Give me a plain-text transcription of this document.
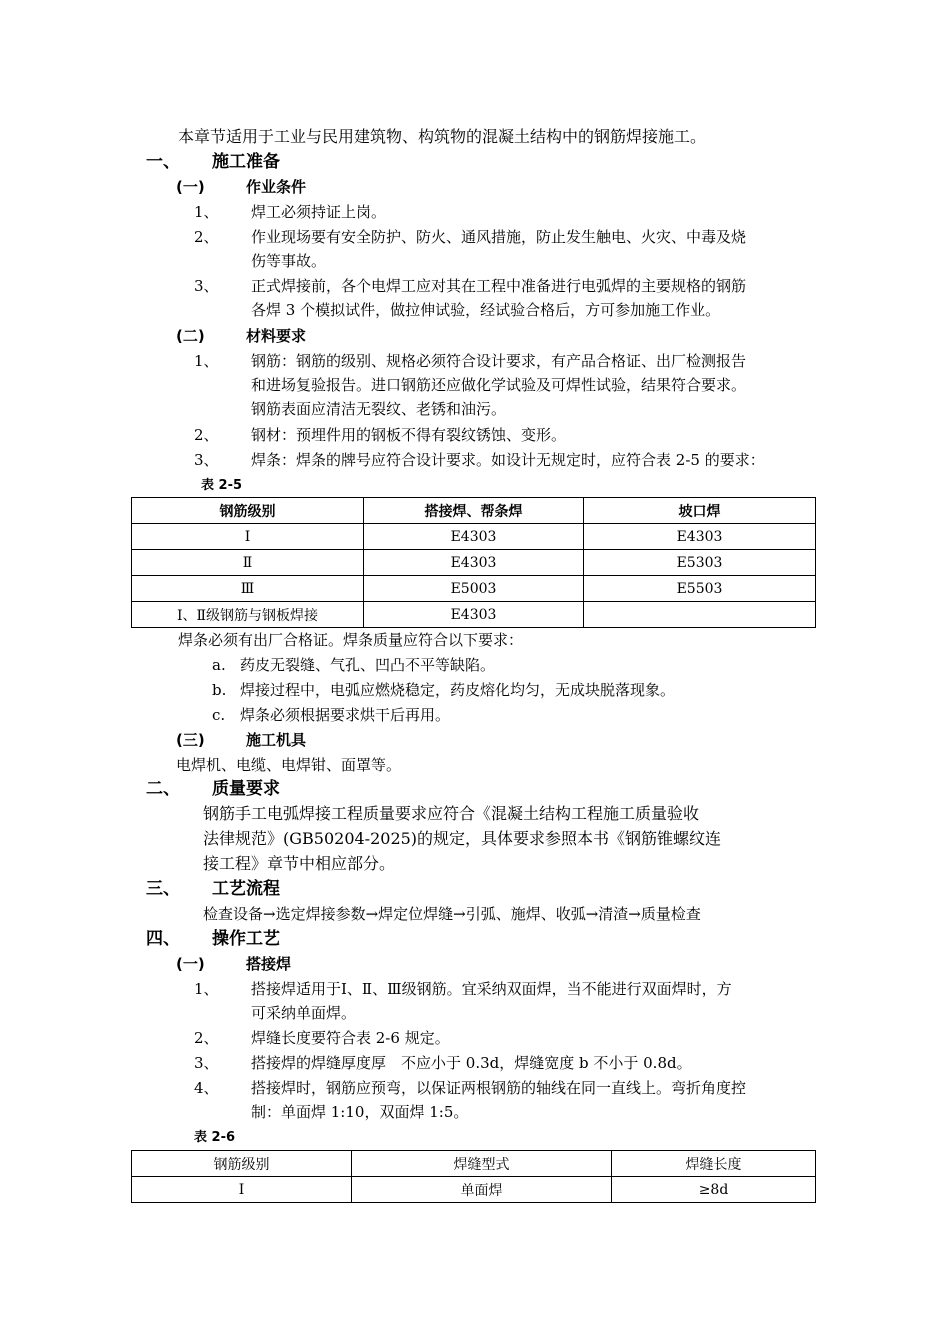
本章节适用于工业与民用建筑物、构筑物的混凝土结构中的钢筋焊接施工。
一、 施工准备
(一)	作业条件
1、 焊工必须持证上岗。
2、 作业现场要有安全防护、防火、通风措施，防止发生触电、火灾、中毒及烧
伤等事故。
3、 正式焊接前，各个电焊工应对其在工程中准备进行电弧焊的主要规格的钢筋
各焊 3 个模拟试件，做拉伸试验，经试验合格后，方可参加施工作业。
(二)	材料要求
1、 钢筋：钢筋的级别、规格必须符合设计要求，有产品合格证、出厂检测报告
和进场复验报告。进口钢筋还应做化学试验及可焊性试验，结果符合要求。
钢筋表面应清洁无裂纹、老锈和油污。
2、 钢材：预埋件用的钢板不得有裂纹锈蚀、变形。
3、 焊条：焊条的牌号应符合设计要求。如设计无规定时，应符合表 2-5 的要求：
表 2-5
钢筋级别	搭接焊、帮条焊	坡口焊
Ⅰ	E4303	E4303
Ⅱ	E4303	E5303
Ⅲ	E5003	E5503
Ⅰ、Ⅱ级钢筋与钢板焊接	E4303	
焊条必须有出厂合格证。焊条质量应符合以下要求：
a. 药皮无裂缝、气孔、凹凸不平等缺陷。
b. 焊接过程中，电弧应燃烧稳定，药皮熔化均匀，无成块脱落现象。
c. 焊条必须根据要求烘干后再用。
(三)	施工机具
电焊机、电缆、电焊钳、面罩等。
二、 质量要求
钢筋手工电弧焊接工程质量要求应符合《混凝土结构工程施工质量验收
法律规范》(GB50204-2025)的规定，具体要求参照本书《钢筋锥螺纹连
接工程》章节中相应部分。
三、 工艺流程
检查设备→选定焊接参数→焊定位焊缝→引弧、施焊、收弧→清渣→质量检查
四、 操作工艺
(一)	搭接焊
1、 搭接焊适用于Ⅰ、Ⅱ、Ⅲ级钢筋。宜采纳双面焊，当不能进行双面焊时，方
可采纳单面焊。
2、 焊缝长度要符合表 2-6 规定。
3、 搭接焊的焊缝厚度厚　不应小于 0.3d，焊缝宽度 b 不小于 0.8d。
4、 搭接焊时，钢筋应预弯，以保证两根钢筋的轴线在同一直线上。弯折角度控
制：单面焊 1:10，双面焊 1:5。
表 2-6
钢筋级别	焊缝型式	焊缝长度
Ⅰ	单面焊	≥8d
